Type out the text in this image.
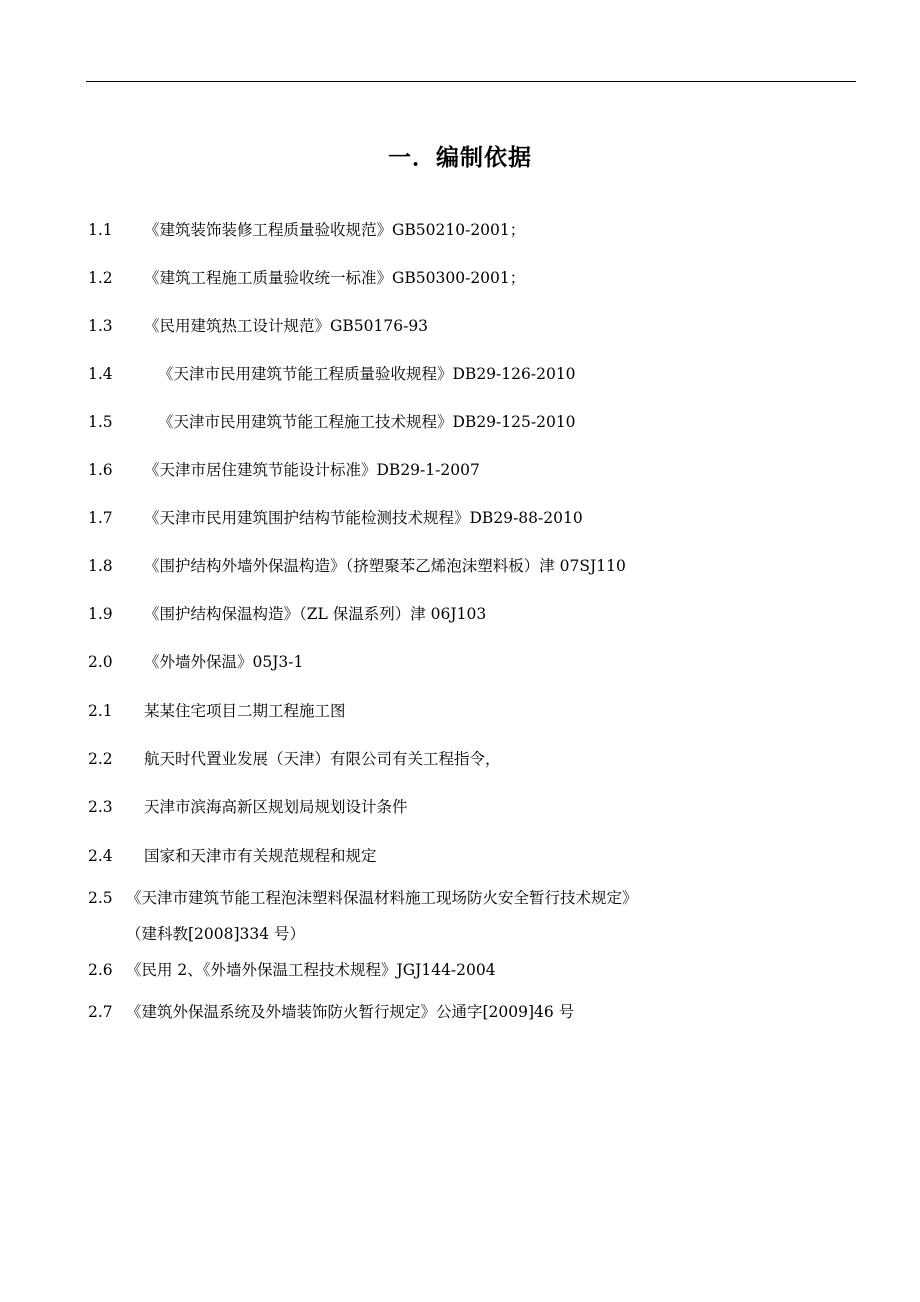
一．编制依据
1.1 《建筑装饰装修工程质量验收规范》GB50210-2001；
1.2 《建筑工程施工质量验收统一标准》GB50300-2001；
1.3 《民用建筑热工设计规范》GB50176-93
1.4	《天津市民用建筑节能工程质量验收规程》DB29-126-2010
1.5	《天津市民用建筑节能工程施工技术规程》DB29-125-2010
1.6 《天津市居住建筑节能设计标准》DB29-1-2007
1.7 《天津市民用建筑围护结构节能检测技术规程》DB29-88-2010
1.8 《围护结构外墙外保温构造》（挤塑聚苯乙烯泡沫塑料板）津 07SJ110
1.9 《围护结构保温构造》（ZL 保温系列）津 06J103
2.0 《外墙外保温》05J3-1
2.1 某某住宅项目二期工程施工图
2.2 航天时代置业发展（天津）有限公司有关工程指令，
2.3 天津市滨海高新区规划局规划设计条件
2.4 国家和天津市有关规范规程和规定
2.5 《天津市建筑节能工程泡沫塑料保温材料施工现场防火安全暂行技术规定》
（建科教[2008]334 号）
2.6 《民用 2、《外墙外保温工程技术规程》JGJ144-2004
2.7 《建筑外保温系统及外墙装饰防火暂行规定》公通字[2009]46 号
